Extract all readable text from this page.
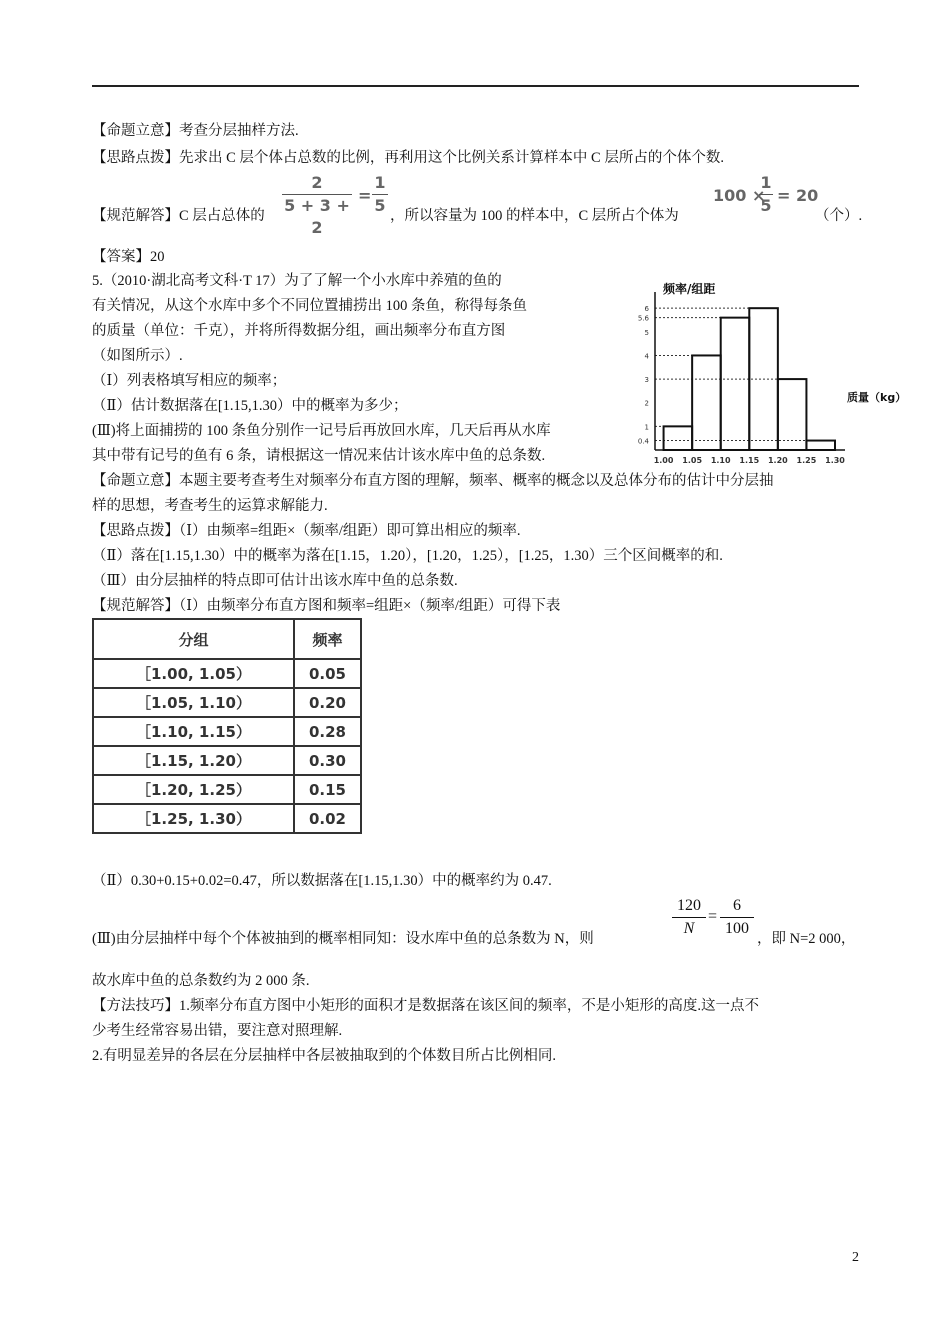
【命题立意】考查分层抽样方法.
【思路点拨】先求出 C 层个体占总数的比例，再利用这个比例关系计算样本中 C 层所占的个体个数.
【规范解答】C 层占总体的
2
5 + 3 + 2
=
1
5
，所以容量为 100 的样本中，C 层所占个体为
100 ×
1
5
= 20
（个）.
【答案】20
5.（2010·湖北高考文科·T 17）为了了解一个小水库中养殖的鱼的
有关情况，从这个水库中多个不同位置捕捞出 100 条鱼，称得每条鱼
的质量（单位：千克），并将所得数据分组，画出频率分布直方图
（如图所示）.
（Ⅰ）列表格填写相应的频率；
（Ⅱ）估计数据落在[1.15,1.30）中的概率为多少；
(Ⅲ)将上面捕捞的 100 条鱼分别作一记号后再放回水库，几天后再从水库	鱼，
其中带有记号的鱼有 6 条，请根据这一情况来估计该水库中鱼的总条数.
0.4
1
2
3
4
5
5.6
6
1.00 1.05 1.10 1.15 1.20 1.25 1.30
频率/组距
质量（kg）
【命题立意】本题主要考查考生对频率分布直方图的理解，频率、概率的概念以及总体分布的估计中分层抽
样的思想，考查考生的运算求解能力.
【思路点拨】（Ⅰ）由频率=组距×（频率/组距）即可算出相应的频率.
（Ⅱ）落在[1.15,1.30）中的概率为落在[1.15，1.20），[1.20，1.25），[1.25，1.30）三个区间概率的和.
（Ⅲ）由分层抽样的特点即可估计出该水库中鱼的总条数.
【规范解答】（Ⅰ）由频率分布直方图和频率=组距×（频率/组距）可得下表
分组	频率
［1.00, 1.05）	0.05
［1.05, 1.10）	0.20
［1.10, 1.15）	0.28
［1.15, 1.20）	0.30
［1.20, 1.25）	0.15
［1.25, 1.30）	0.02
（Ⅱ）0.30+0.15+0.02=0.47，所以数据落在[1.15,1.30）中的概率约为 0.47.
(Ⅲ)由分层抽样中每个个体被抽到的概率相同知：设水库中鱼的总条数为 N，则
120
N
=
6
100
，即 N=2 000，
故水库中鱼的总条数约为 2 000 条.
【方法技巧】1.频率分布直方图中小矩形的面积才是数据落在该区间的频率，不是小矩形的高度.这一点不
少考生经常容易出错，要注意对照理解.
2.有明显差异的各层在分层抽样中各层被抽取到的个体数目所占比例相同.
2
